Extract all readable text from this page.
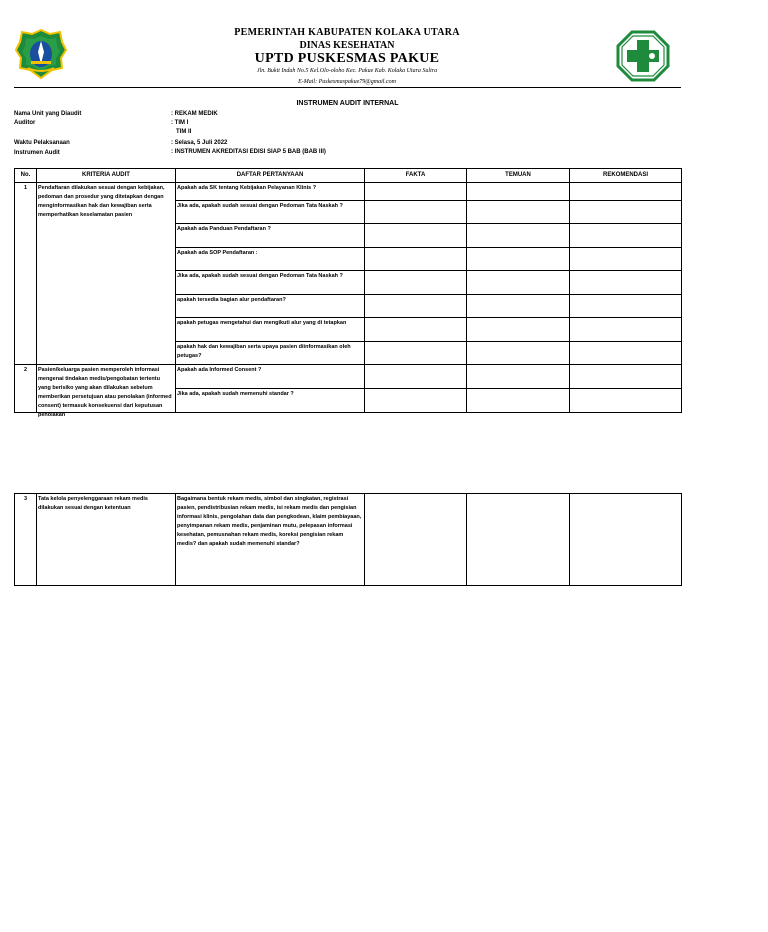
PEMERINTAH KABUPATEN KOLAKA UTARA
DINAS KESEHATAN
UPTD PUSKESMAS PAKUE
Jln. Bukit Indah No.5 Kel.Olo-oloho Kec. Pakue Kab. Kolaka Utara Sultra
E-Mail: Puskesmaspakue79@gmail.com
INSTRUMEN AUDIT INTERNAL
Nama Unit yang Diaudit	: REKAM MEDIK
Auditor	: TIM I
TIM II
Waktu Pelaksanaan	: Selasa, 5 Juli 2022
Instrumen Audit	: INSTRUMEN AKREDITASI EDISI SIAP 5 BAB (BAB III)
No.	KRITERIA AUDIT	DAFTAR PERTANYAAN	FAKTA	TEMUAN	REKOMENDASI
1	Pendaftaran dilakukan sesuai dengan kebijakan, pedoman dan prosedur yang ditetapkan dengan menginformasikan hak dan kewajiban serta memperhatikan keselamatan pasien	Apakah ada SK tentang Kebijakan Pelayanan Klinis ?			
		Jika ada, apakah sudah sesuai dengan Pedoman Tata Naskah ?			
		Apakah ada Panduan Pendaftaran ?			
		Apakah ada SOP Pendaftaran :			
		Jika ada, apakah sudah sesuai dengan Pedoman Tata Naskah ?			
		apakah tersedia bagian alur pendaftaran?			
		apakah petugas mengetahui dan mengikuti alur yang di tetapkan			
		apakah hak dan kewajiban serta upaya pasien diinformasikan oleh petugas?			
2	Pasien/keluarga pasien memperoleh informasi mengenai tindakan medis/pengobatan tertentu yang berisiko yang akan dilakukan sebelum memberikan persetujuan atau penolakan (informed consent) termasuk konsekuensi dari keputusan penolakan	Apakah ada Informed Consent ?			
		Jika ada, apakah sudah memenuhi standar ?			
3	Tata kelola penyelenggaraan rekam medis dilakukan sesuai dengan ketentuan	Bagaimana bentuk rekam medis, simbol dan singkatan, registrasi pasien, pendistribusian rekam medis, isi rekam medis dan pengisian informasi klinis, pengolahan data dan pengkodean, klaim pembiayaan, penyimpanan rekam medis, penjaminan mutu, pelepasan informasi kesehatan, pemusnahan rekam medis, koreksi pengisian rekam medis? dan apakah sudah memenuhi standar?			
